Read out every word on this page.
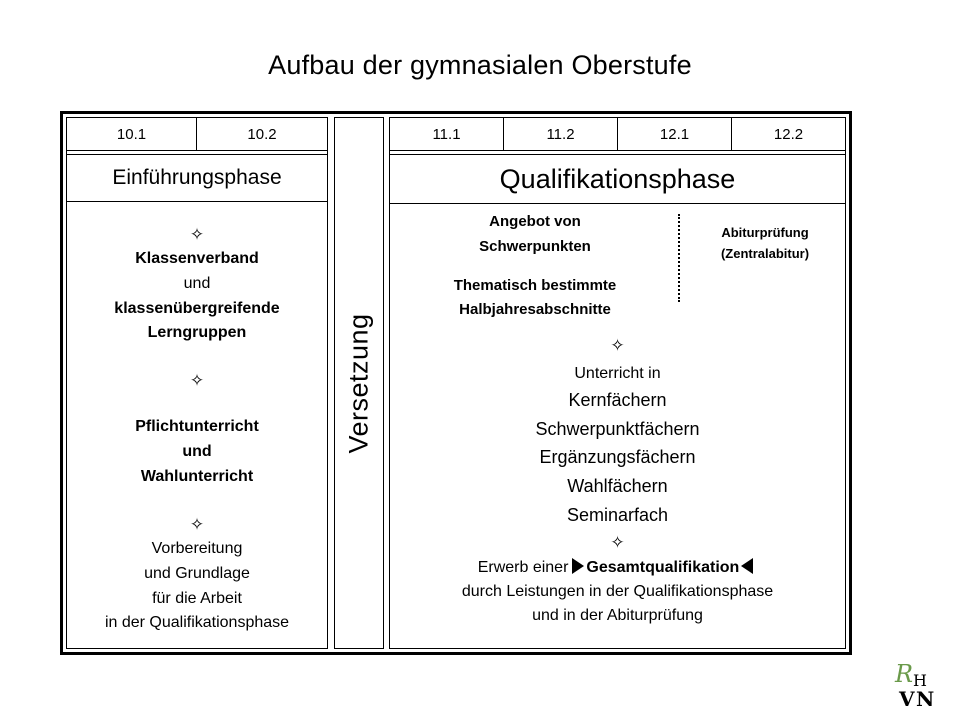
Aufbau der gymnasialen Oberstufe
10.1	10.2
Einführungsphase
✧
Klassenverband
und
klassenübergreifende
Lerngruppen
✧
Pflichtunterricht
und
Wahlunterricht
✧
Vorbereitung
und Grundlage
für die Arbeit
in der Qualifikationsphase
Versetzung
11.1	11.2	12.1	12.2
Qualifikationsphase
Angebot von
Schwerpunkten
Thematisch bestimmte
Halbjahresabschnitte
Abiturprüfung
(Zentralabitur)
✧
Unterricht in
Kernfächern
Schwerpunktfächern
Ergänzungsfächern
Wahlfächern
Seminarfach
✧
Erwerb einer Gesamtqualifikation
durch Leistungen in der Qualifikationsphase
und in der Abiturprüfung
R H
V N
